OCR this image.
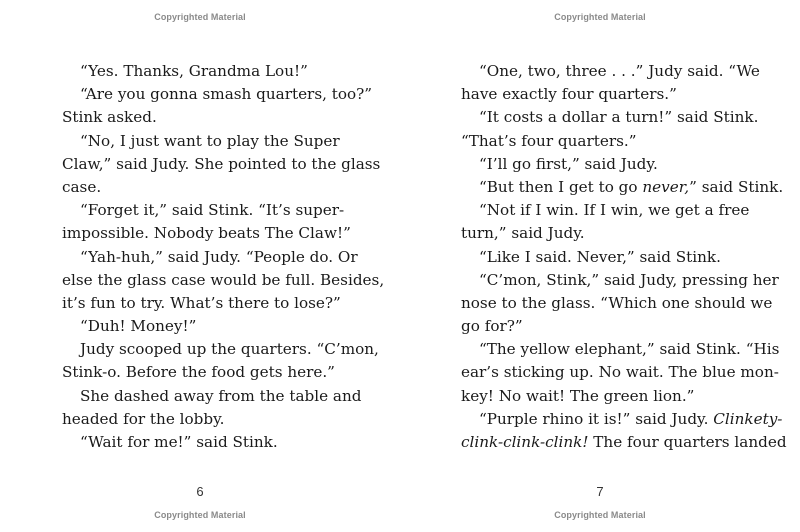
Copyrighted Material
“Yes. Thanks, Grandma Lou!”
“Are you gonna smash quarters, too?”
Stink asked.
“No, I just want to play the Super
Claw,” said Judy. She pointed to the glass
case.
“Forget it,” said Stink. “It’s super-
impossible. Nobody beats The Claw!”
“Yah-huh,” said Judy. “People do. Or
else the glass case would be full. Besides,
it’s fun to try. What’s there to lose?”
“Duh! Money!”
Judy scooped up the quarters. “C’mon,
Stink-o. Before the food gets here.”
She dashed away from the table and
headed for the lobby.
“Wait for me!” said Stink.
6
Copyrighted Material
Copyrighted Material
“One, two, three . . .” Judy said. “We
have exactly four quarters.”
“It costs a dollar a turn!” said Stink.
“That’s four quarters.”
“I’ll go first,” said Judy.
“But then I get to go never,” said Stink.
“Not if I win. If I win, we get a free
turn,” said Judy.
“Like I said. Never,” said Stink.
“C’mon, Stink,” said Judy, pressing her
nose to the glass. “Which one should we
go for?”
“The yellow elephant,” said Stink. “His
ear’s sticking up. No wait. The blue mon-
key! No wait! The green lion.”
“Purple rhino it is!” said Judy. Clinkety-
clink-clink-clink! The four quarters landed
7
Copyrighted Material
